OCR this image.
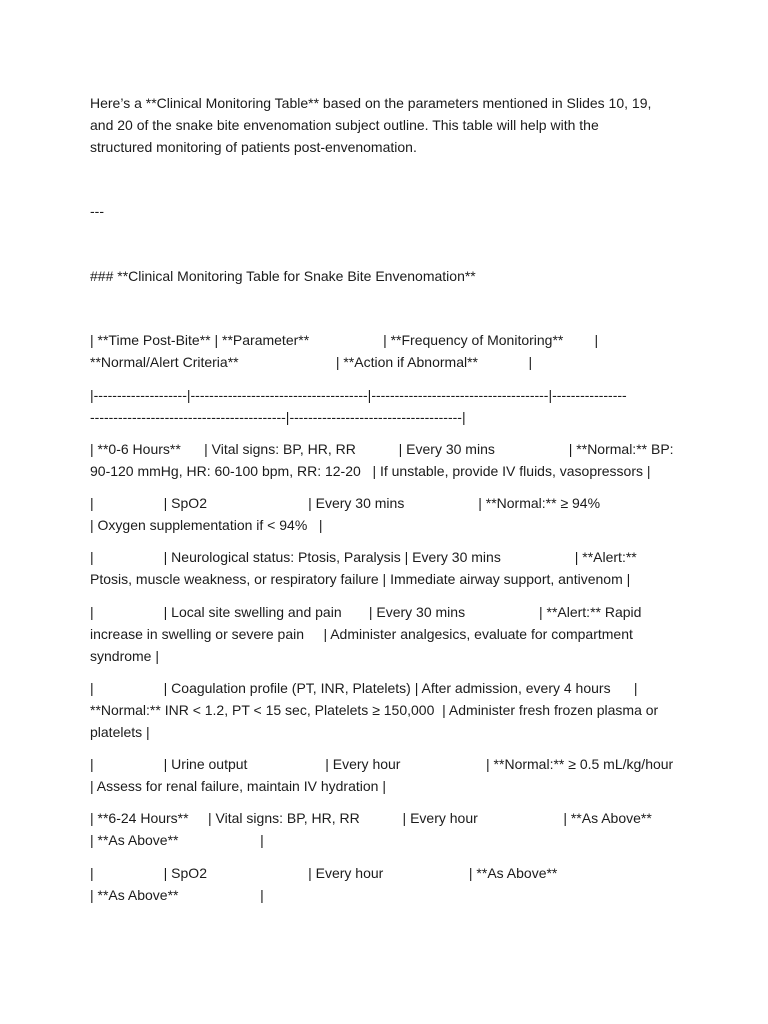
Here’s a **Clinical Monitoring Table** based on the parameters mentioned in Slides 10, 19,

and 20 of the snake bite envenomation subject outline. This table will help with the

structured monitoring of patients post-envenomation.

---

### **Clinical Monitoring Table for Snake Bite Envenomation**

| **Time Post-Bite** | **Parameter**                   | **Frequency of Monitoring**        |

**Normal/Alert Criteria**                         | **Action if Abnormal**             |

|--------------------|--------------------------------------|--------------------------------------|----------------

------------------------------------------|-------------------------------------|

| **0-6 Hours**      | Vital signs: BP, HR, RR           | Every 30 mins                   | **Normal:** BP:

90-120 mmHg, HR: 60-100 bpm, RR: 12-20   | If unstable, provide IV fluids, vasopressors |

|                  | SpO2                          | Every 30 mins                   | **Normal:** ≥ 94%

| Oxygen supplementation if < 94%   |

|                  | Neurological status: Ptosis, Paralysis | Every 30 mins                   | **Alert:**

Ptosis, muscle weakness, or respiratory failure | Immediate airway support, antivenom |

|                  | Local site swelling and pain       | Every 30 mins                   | **Alert:** Rapid

increase in swelling or severe pain     | Administer analgesics, evaluate for compartment

syndrome |

|                  | Coagulation profile (PT, INR, Platelets) | After admission, every 4 hours      |

**Normal:** INR < 1.2, PT < 15 sec, Platelets ≥ 150,000  | Administer fresh frozen plasma or

platelets |

|                  | Urine output                    | Every hour                      | **Normal:** ≥ 0.5 mL/kg/hour

| Assess for renal failure, maintain IV hydration |

| **6-24 Hours**     | Vital signs: BP, HR, RR           | Every hour                      | **As Above**

| **As Above**                     |

|                  | SpO2                          | Every hour                      | **As Above**

| **As Above**                     |
